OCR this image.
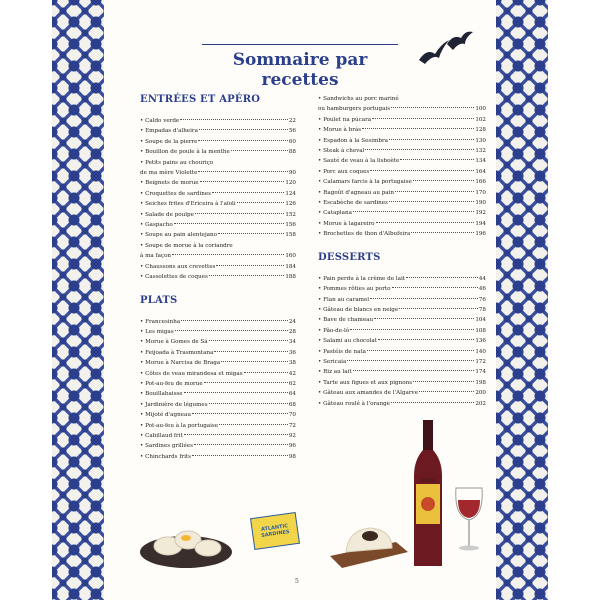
Sommaire par recettes
ENTRÉES ET APÉRO
• Caldo verde	22
• Empadas d'alheira	56
• Soupe de la pierre	60
• Bouillon de poule à la menthe	88
• Petits pains au chouriço
de ma mère Violette	90
• Beignets de morue	120
• Croquettes de sardines	124
• Seiches frites d'Ericeira à l'aïoli	126
• Salade de poulpe	152
• Gaspacho	156
• Soupe au pain alentejano	158
• Soupe de morue à la coriandre
à ma façon	160
• Chaussons aux crevettes	184
• Cassolettes de coques	188
PLATS
• Francesinha	24
• Les migas	28
• Morue à Gomes de Sá	34
• Feijoada à Trasmontana	36
• Morue à Narcisa de Braga	38
• Côtes de veau mirandesa et migas	42
• Pot-au-feu de morue	62
• Bouillabaisse	64
• Jardinière de légumes	68
• Mijoté d'agneau	70
• Pot-au-feu à la portugaise	72
• Cabillaud frit	92
• Sardines grillées	96
• Chinchards frits	98
• Sandwichs au porc mariné
ou hamburgers portugais	100
• Poulet na púcara	102
• Morue à brás	128
• Espadon à la Sesimbra	130
• Steak à cheval	132
• Sauté de veau à la lisboète	134
• Porc aux coques	164
• Calamars farcis à la portugaise	166
• Ragoût d'agneau au pain	170
• Escabèche de sardines	190
• Cataplana	192
• Morue à lagareiro	194
• Brochettes de thon d'Albufeira	196
DESSERTS
• Pain perdu à la crème de lait	44
• Pommes rôties au porto	46
• Flan au caramel	76
• Gâteau de blancs en neige	78
• Bave de chameau	104
• Pão-de-ló	108
• Salami au chocolat	136
• Pastéis de nata	140
• Sericaia	172
• Riz au lait	174
• Tarte aux figues et aux pignons	198
• Gâteau aux amandes de l'Algarve	200
• Gâteau roulé à l'orange	202
ATLANTIC SARDINES
PORTO
5
